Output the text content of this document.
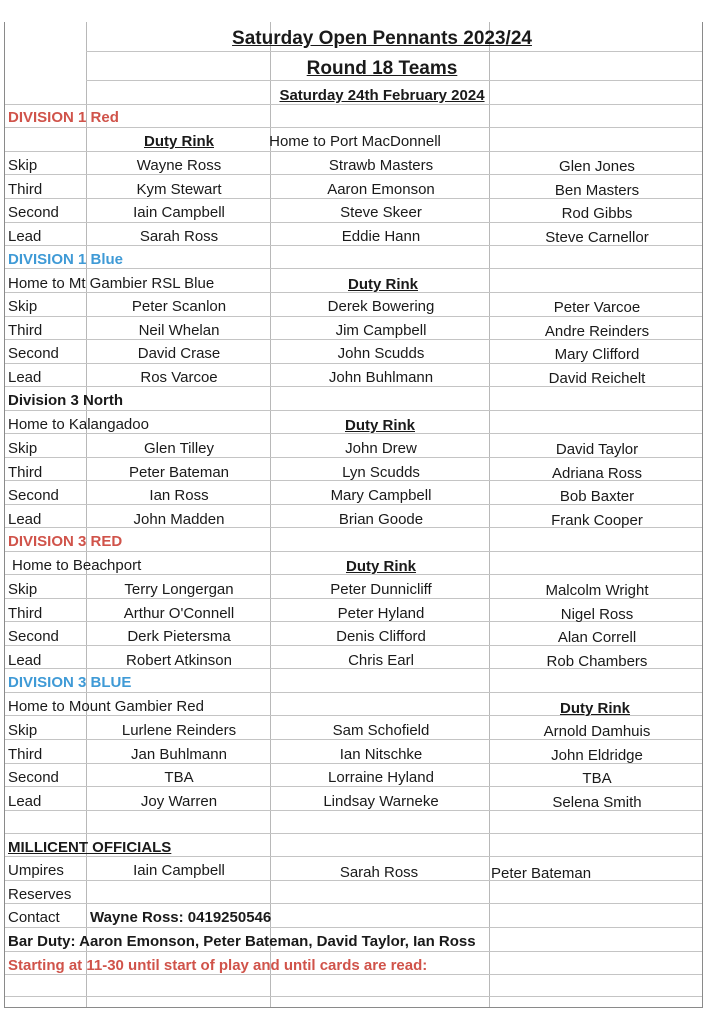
Saturday Open Pennants 2023/24
Round 18 Teams
Saturday 24th February 2024
DIVISION 1 Red
Duty Rink	Home to Port MacDonnell
Skip	Wayne Ross	Strawb Masters	Glen Jones
Third	Kym Stewart	Aaron Emonson	Ben Masters
Second	Iain Campbell	Steve Skeer	Rod Gibbs
Lead	Sarah Ross	Eddie Hann	Steve Carnellor
DIVISION 1 Blue
Home to Mt Gambier RSL Blue	Duty Rink
Skip	Peter Scanlon	Derek Bowering	Peter Varcoe
Third	Neil Whelan	Jim Campbell	Andre Reinders
Second	David Crase	John Scudds	Mary Clifford
Lead	Ros Varcoe	John Buhlmann	David Reichelt
Division 3 North
Home to Kalangadoo	Duty Rink
Skip	Glen Tilley	John Drew	David Taylor
Third	Peter Bateman	Lyn Scudds	Adriana Ross
Second	Ian Ross	Mary Campbell	Bob Baxter
Lead	John Madden	Brian Goode	Frank Cooper
DIVISION 3 RED
Home to Beachport	Duty Rink
Skip	Terry Longergan	Peter Dunnicliff	Malcolm Wright
Third	Arthur O'Connell	Peter Hyland	Nigel Ross
Second	Derk Pietersma	Denis Clifford	Alan Correll
Lead	Robert Atkinson	Chris Earl	Rob Chambers
DIVISION 3 BLUE
Home to Mount Gambier Red	Duty Rink
Skip	Lurlene Reinders	Sam Schofield	Arnold Damhuis
Third	Jan Buhlmann	Ian Nitschke	John Eldridge
Second	TBA	Lorraine Hyland	TBA
Lead	Joy Warren	Lindsay Warneke	Selena Smith
MILLICENT OFFICIALS
Umpires	Iain Campbell	Sarah Ross	Peter Bateman
Reserves
Contact Wayne Ross: 0419250546
Bar Duty: Aaron Emonson, Peter Bateman, David Taylor, Ian Ross
Starting at 11-30 until start of play and until cards are read:
